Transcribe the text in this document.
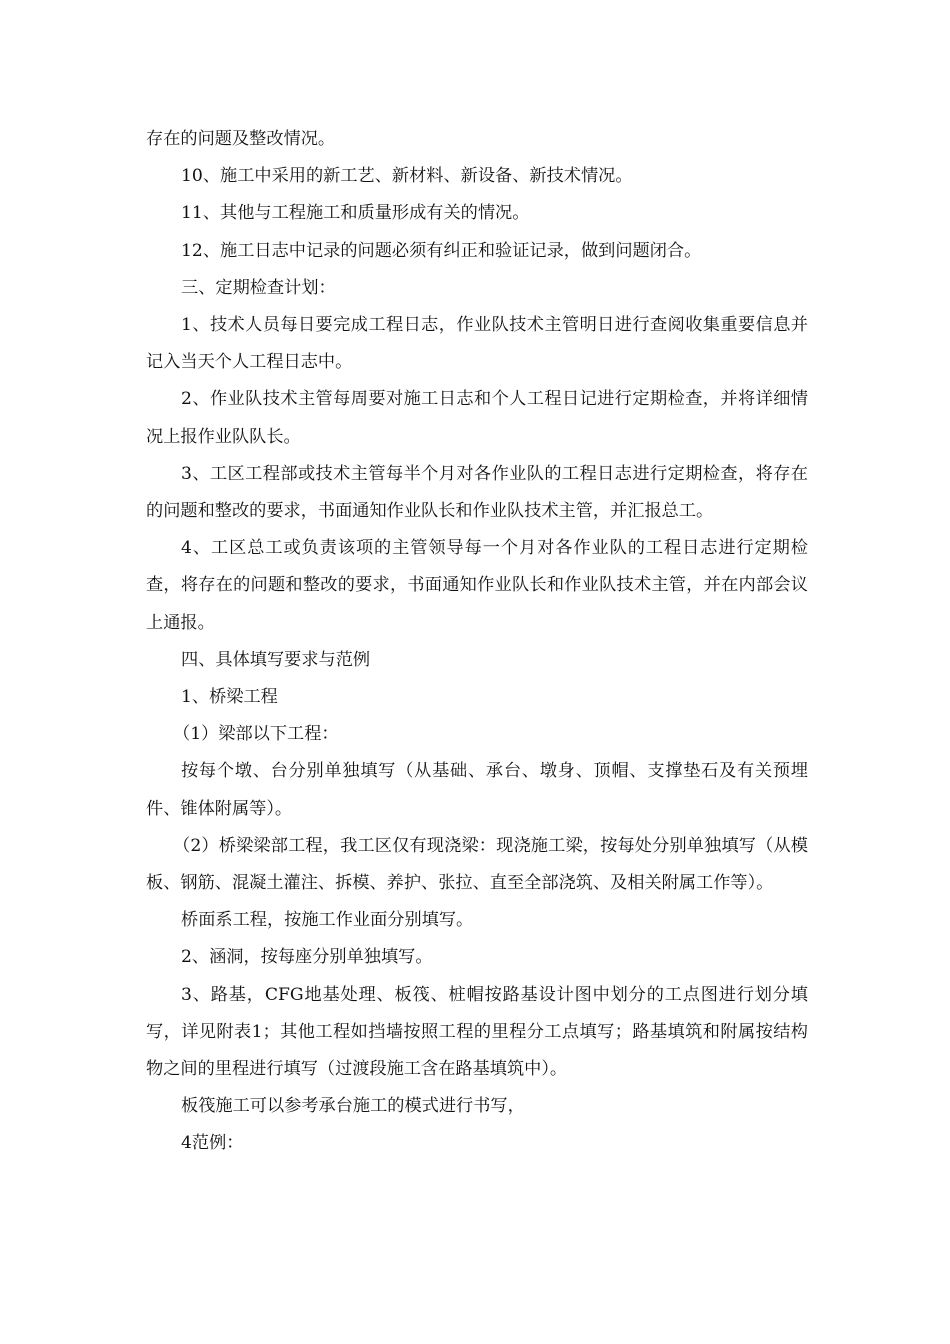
存在的问题及整改情况。

10、施工中采用的新工艺、新材料、新设备、新技术情况。

11、其他与工程施工和质量形成有关的情况。

12、施工日志中记录的问题必须有纠正和验证记录，做到问题闭合。

三、定期检查计划：

1、技术人员每日要完成工程日志，作业队技术主管明日进行查阅收集重要信息并记入当天个人工程日志中。

2、作业队技术主管每周要对施工日志和个人工程日记进行定期检查，并将详细情况上报作业队队长。

3、工区工程部或技术主管每半个月对各作业队的工程日志进行定期检查，将存在的问题和整改的要求，书面通知作业队长和作业队技术主管，并汇报总工。

4、工区总工或负责该项的主管领导每一个月对各作业队的工程日志进行定期检查，将存在的问题和整改的要求，书面通知作业队长和作业队技术主管，并在内部会议上通报。

四、具体填写要求与范例

1、桥梁工程

（1）梁部以下工程：

按每个墩、台分别单独填写（从基础、承台、墩身、顶帽、支撑垫石及有关预埋件、锥体附属等）。

（2）桥梁梁部工程，我工区仅有现浇梁：现浇施工梁，按每处分别单独填写（从模板、钢筋、混凝土灌注、拆模、养护、张拉、直至全部浇筑、及相关附属工作等）。

桥面系工程，按施工作业面分别填写。

2、涵洞，按每座分别单独填写。

3、路基，CFG地基处理、板筏、桩帽按路基设计图中划分的工点图进行划分填写，详见附表1；其他工程如挡墙按照工程的里程分工点填写；路基填筑和附属按结构物之间的里程进行填写（过渡段施工含在路基填筑中）。

板筏施工可以参考承台施工的模式进行书写，

4范例：
